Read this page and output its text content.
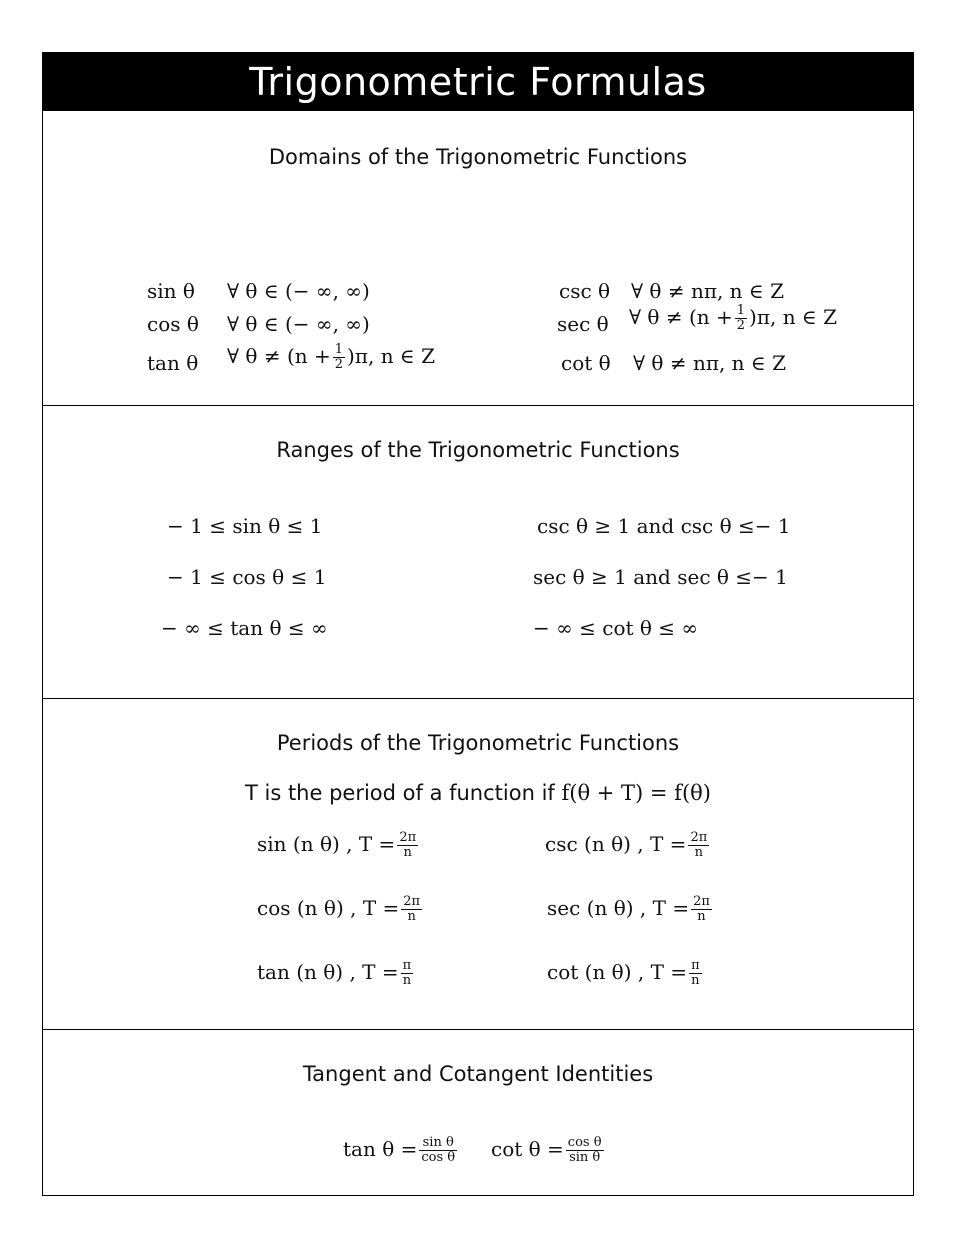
Trigonometric Formulas
Domains of the Trigonometric Functions
sin θ ∀ θ ∈ (− ∞, ∞)
cos θ ∀ θ ∈ (− ∞, ∞)
tan θ ∀ $\theta \ne (n + \frac{1}{2} )\pi$, n ∈ Z
csc θ ∀ θ ≠ nπ, n ∈ Z
sec θ ∀ $\theta \ne (n + \frac{1}{2} )\pi$, n ∈ Z
cot θ ∀ θ ≠ nπ, n ∈ Z
Ranges of the Trigonometric Functions
− 1 ≤ sin θ ≤ 1
− 1 ≤ cos θ ≤ 1
− ∞ ≤ tan θ ≤ ∞
csc θ ≥ 1 and csc θ ≤− 1
sec θ ≥ 1 and sec θ ≤− 1
− ∞ ≤ cot θ ≤ ∞
Periods of the Trigonometric Functions
T is the period of a function if f(θ + T) = f(θ)
sin (n θ) , $T = \frac{2\pi}{n}$
cos (n θ) , $T = \frac{2\pi}{n}$
tan (n θ) , $T = \frac{\pi}{n}$
csc (n θ) , $T = \frac{2\pi}{n}$
sec (n θ) , $T = \frac{2\pi}{n}$
cot (n θ) , $T = \frac{\pi}{n}$
Tangent and Cotangent Identities
$\tan \theta = \frac{\text{sin θ}}{\text{cos θ}}$ $\cot \theta = \frac{\text{cos θ}}{\text{sin θ}}$
